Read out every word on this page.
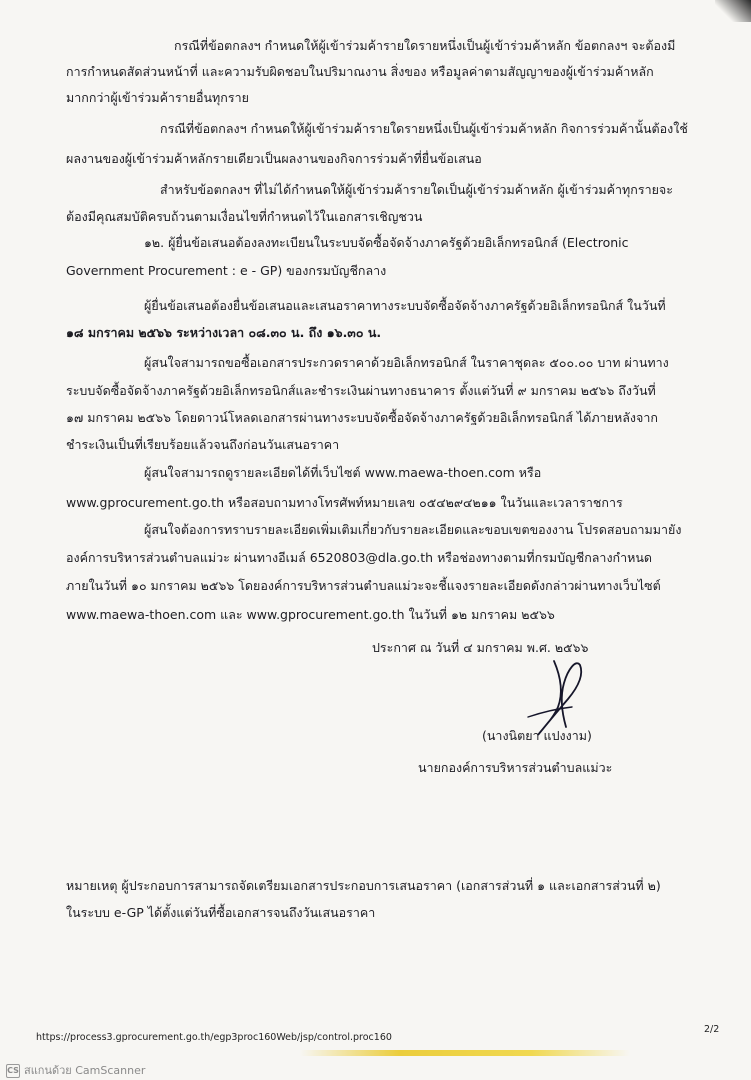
กรณีที่ข้อตกลงฯ กำหนดให้ผู้เข้าร่วมค้ารายใดรายหนึ่งเป็นผู้เข้าร่วมค้าหลัก ข้อตกลงฯ จะต้องมี
การกำหนดสัดส่วนหน้าที่ และความรับผิดชอบในปริมาณงาน สิ่งของ หรือมูลค่าตามสัญญาของผู้เข้าร่วมค้าหลัก
มากกว่าผู้เข้าร่วมค้ารายอื่นทุกราย
กรณีที่ข้อตกลงฯ กำหนดให้ผู้เข้าร่วมค้ารายใดรายหนึ่งเป็นผู้เข้าร่วมค้าหลัก กิจการร่วมค้านั้นต้องใช้
ผลงานของผู้เข้าร่วมค้าหลักรายเดียวเป็นผลงานของกิจการร่วมค้าที่ยื่นข้อเสนอ
สำหรับข้อตกลงฯ ที่ไม่ได้กำหนดให้ผู้เข้าร่วมค้ารายใดเป็นผู้เข้าร่วมค้าหลัก ผู้เข้าร่วมค้าทุกรายจะ
ต้องมีคุณสมบัติครบถ้วนตามเงื่อนไขที่กำหนดไว้ในเอกสารเชิญชวน
๑๒. ผู้ยื่นข้อเสนอต้องลงทะเบียนในระบบจัดซื้อจัดจ้างภาครัฐด้วยอิเล็กทรอนิกส์ (Electronic
Government Procurement : e - GP) ของกรมบัญชีกลาง
ผู้ยื่นข้อเสนอต้องยื่นข้อเสนอและเสนอราคาทางระบบจัดซื้อจัดจ้างภาครัฐด้วยอิเล็กทรอนิกส์ ในวันที่
๑๘ มกราคม ๒๕๖๖ ระหว่างเวลา ๐๘.๓๐ น. ถึง ๑๖.๓๐ น.
ผู้สนใจสามารถขอซื้อเอกสารประกวดราคาด้วยอิเล็กทรอนิกส์ ในราคาชุดละ ๕๐๐.๐๐ บาท ผ่านทาง
ระบบจัดซื้อจัดจ้างภาครัฐด้วยอิเล็กทรอนิกส์และชำระเงินผ่านทางธนาคาร ตั้งแต่วันที่ ๙ มกราคม ๒๕๖๖ ถึงวันที่
๑๗ มกราคม ๒๕๖๖ โดยดาวน์โหลดเอกสารผ่านทางระบบจัดซื้อจัดจ้างภาครัฐด้วยอิเล็กทรอนิกส์ ได้ภายหลังจาก
ชำระเงินเป็นที่เรียบร้อยแล้วจนถึงก่อนวันเสนอราคา
ผู้สนใจสามารถดูรายละเอียดได้ที่เว็บไซต์ www.maewa-thoen.com หรือ
www.gprocurement.go.th หรือสอบถามทางโทรศัพท์หมายเลข ๐๕๔๒๙๔๒๑๑ ในวันและเวลาราชการ
ผู้สนใจต้องการทราบรายละเอียดเพิ่มเติมเกี่ยวกับรายละเอียดและขอบเขตของงาน โปรดสอบถามมายัง
องค์การบริหารส่วนตำบลแม่วะ ผ่านทางอีเมล์ 6520803@dla.go.th หรือช่องทางตามที่กรมบัญชีกลางกำหนด
ภายในวันที่ ๑๐ มกราคม ๒๕๖๖ โดยองค์การบริหารส่วนตำบลแม่วะจะชี้แจงรายละเอียดดังกล่าวผ่านทางเว็บไซต์
www.maewa-thoen.com และ www.gprocurement.go.th ในวันที่ ๑๒ มกราคม ๒๕๖๖
ประกาศ ณ วันที่ ๔ มกราคม พ.ศ. ๒๕๖๖
(นางนิตยา แปงงาม)
นายกองค์การบริหารส่วนตำบลแม่วะ
หมายเหตุ ผู้ประกอบการสามารถจัดเตรียมเอกสารประกอบการเสนอราคา (เอกสารส่วนที่ ๑ และเอกสารส่วนที่ ๒)
ในระบบ e-GP ได้ตั้งแต่วันที่ซื้อเอกสารจนถึงวันเสนอราคา
https://process3.gprocurement.go.th/egp3proc160Web/jsp/control.proc160
2/2
CS สแกนด้วย CamScanner
